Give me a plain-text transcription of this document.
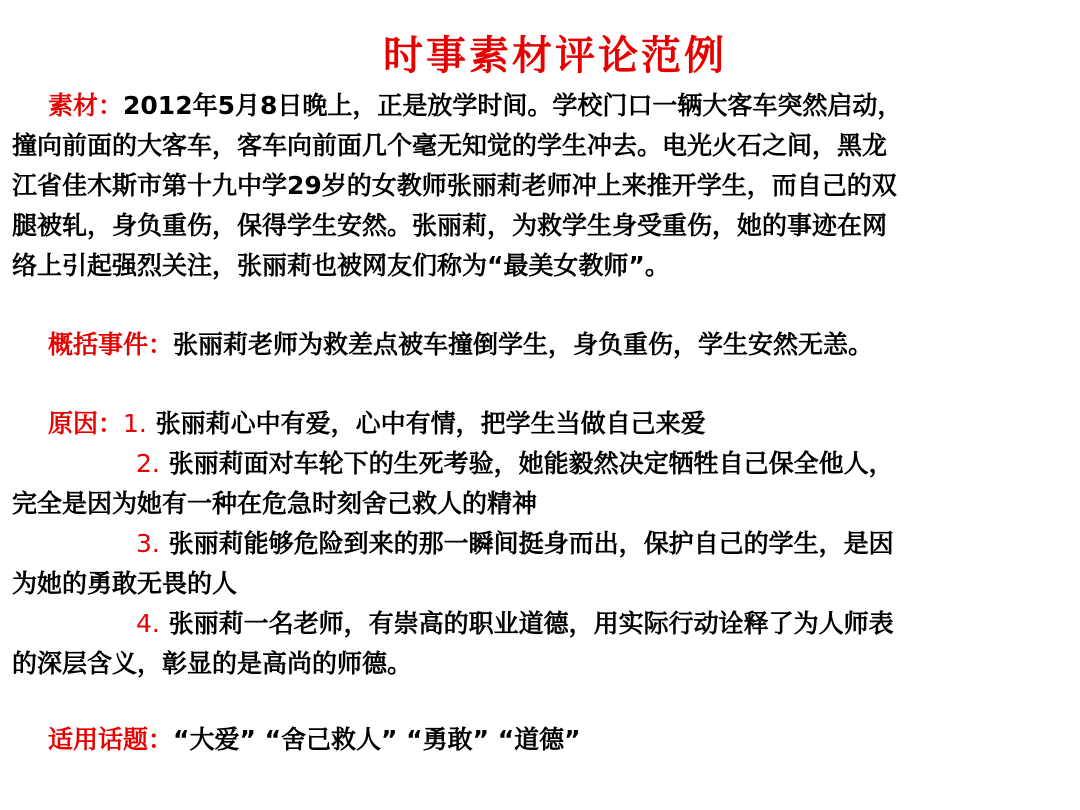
时事素材评论范例
素材：2012年5月8日晚上，正是放学时间。学校门口一辆大客车突然启动，
撞向前面的大客车，客车向前面几个毫无知觉的学生冲去。电光火石之间，黑龙
江省佳木斯市第十九中学29岁的女教师张丽莉老师冲上来推开学生，而自己的双
腿被轧，身负重伤，保得学生安然。张丽莉，为救学生身受重伤，她的事迹在网
络上引起强烈关注，张丽莉也被网友们称为“最美女教师”。
概括事件：张丽莉老师为救差点被车撞倒学生，身负重伤，学生安然无恙。
原因：1. 张丽莉心中有爱，心中有情，把学生当做自己来爱
2. 张丽莉面对车轮下的生死考验，她能毅然决定牺牲自己保全他人，
完全是因为她有一种在危急时刻舍己救人的精神
3. 张丽莉能够危险到来的那一瞬间挺身而出，保护自己的学生，是因
为她的勇敢无畏的人
4. 张丽莉一名老师，有崇高的职业道德，用实际行动诠释了为人师表
的深层含义，彰显的是高尚的师德。
适用话题：“大爱” “舍己救人” “勇敢” “道德”
